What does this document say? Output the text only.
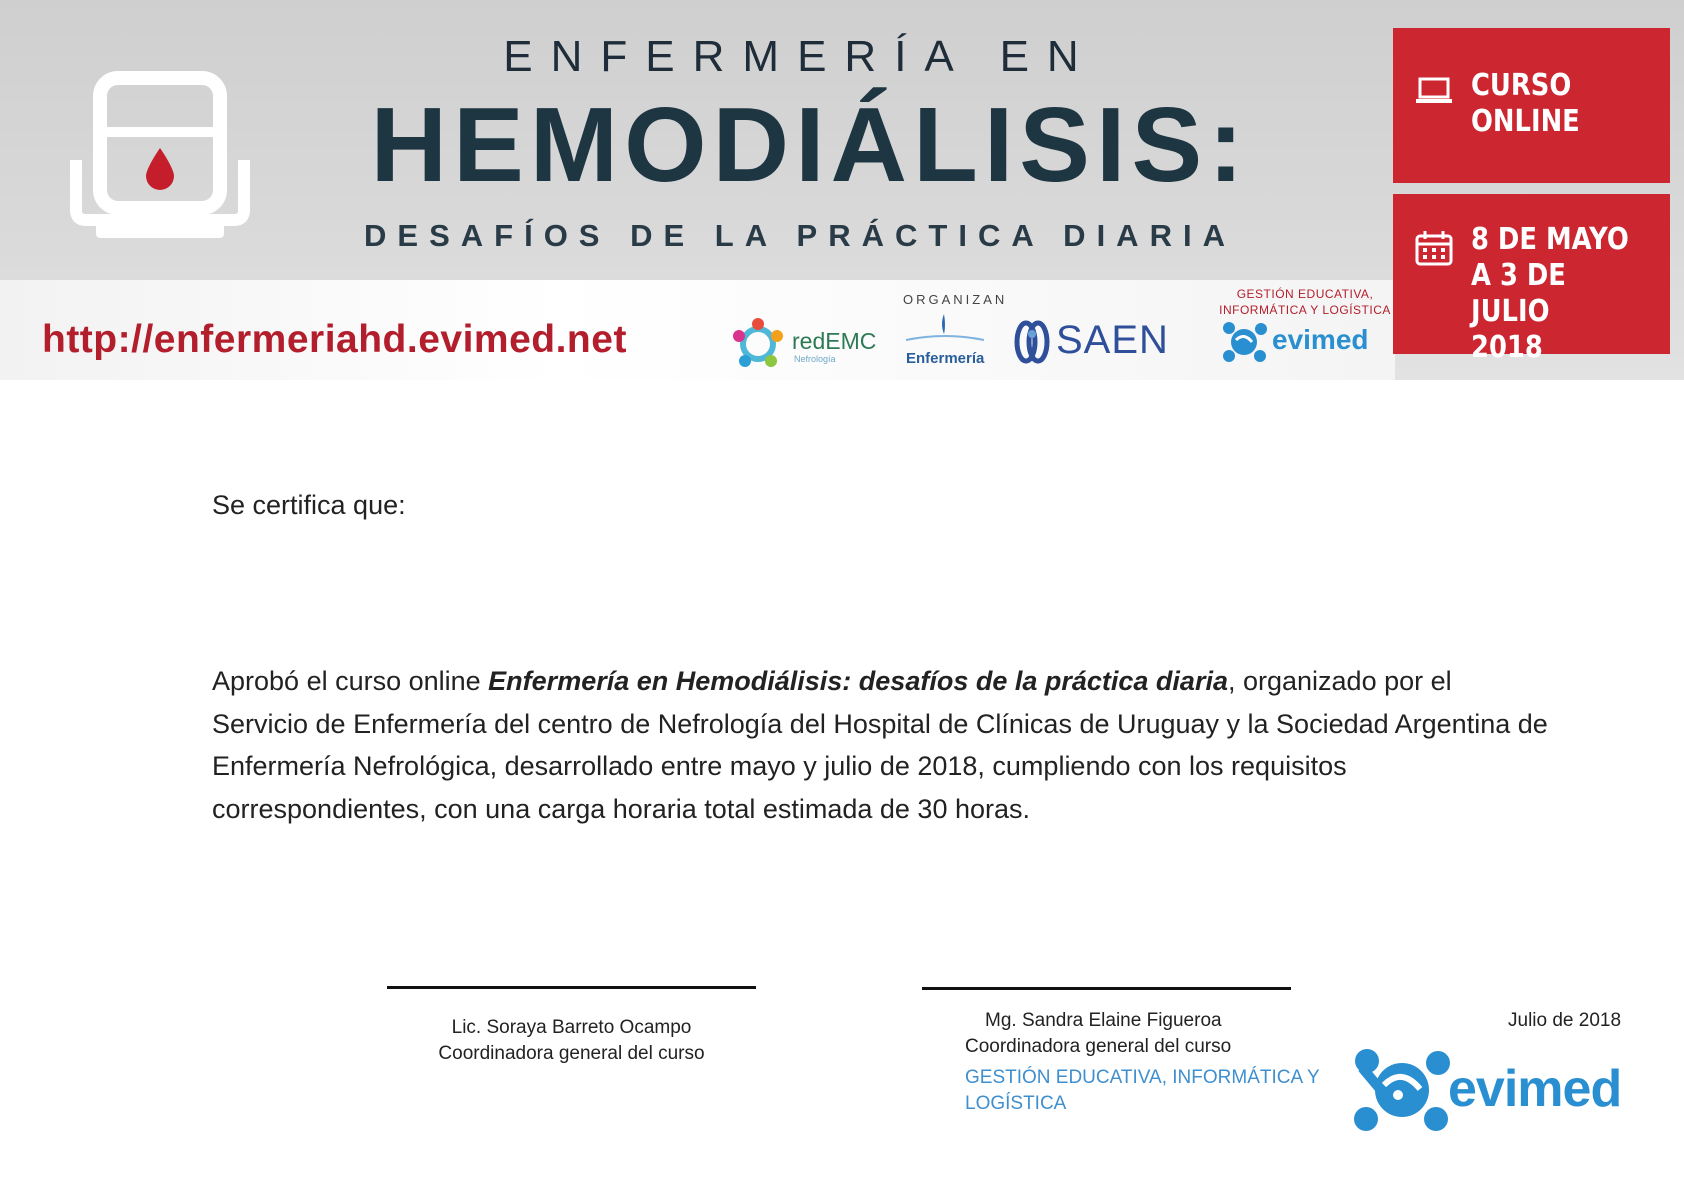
ENFERMERÍA EN
HEMODIÁLISIS:
DESAFÍOS DE LA PRÁCTICA DIARIA
http://enfermeriahd.evimed.net
CURSO
ONLINE
8 DE MAYO
A 3 DE JULIO
2018
ORGANIZAN	GESTIÓN EDUCATIVA,
INFORMÁTICA Y LOGÍSTICA
redEMC
Nefrología	Enfermería SAEN	evimed
Se certifica que:
Aprobó el curso online Enfermería en Hemodiálisis: desafíos de la práctica diaria, organizado por el Servicio de Enfermería del centro de Nefrología del Hospital de Clínicas de Uruguay y la Sociedad Argentina de Enfermería Nefrológica, desarrollado entre mayo y julio de 2018, cumpliendo con los requisitos correspondientes, con una carga horaria total estimada de 30 horas.
Lic. Soraya Barreto Ocampo
Coordinadora general del curso
Mg. Sandra Elaine Figueroa
Coordinadora general del curso
GESTIÓN EDUCATIVA, INFORMÁTICA Y
LOGÍSTICA
Julio de 2018
evimed
